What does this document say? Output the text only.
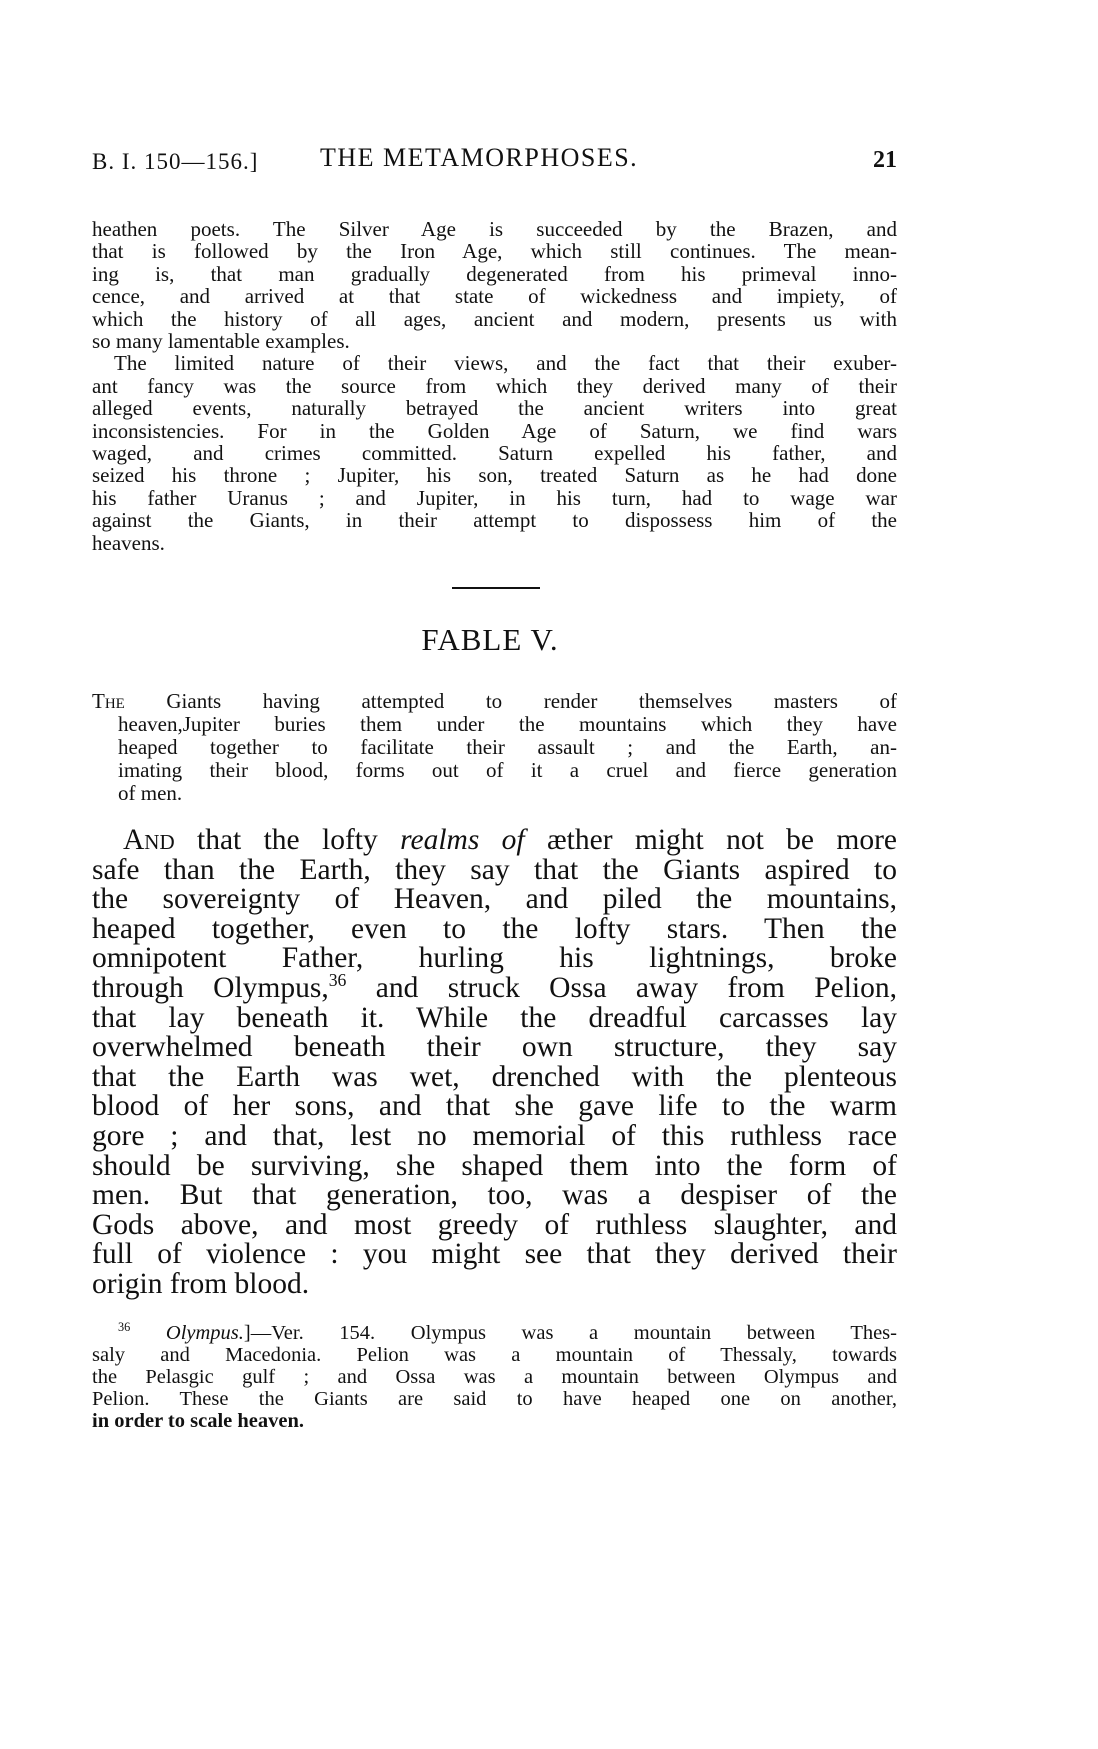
B. I. 150—156.] THE METAMORPHOSES.	21
heathen poets. The Silver Age is succeeded by the Brazen, and
that is followed by the Iron Age, which still continues. The mean-
ing is, that man gradually degenerated from his primeval inno-
cence, and arrived at that state of wickedness and impiety, of
which the history of all ages, ancient and modern, presents us with
so many lamentable examples.
The limited nature of their views, and the fact that their exuber-
ant fancy was the source from which they derived many of their
alleged events, naturally betrayed the ancient writers into great
inconsistencies. For in the Golden Age of Saturn, we find wars
waged, and crimes committed. Saturn expelled his father, and
seized his throne ; Jupiter, his son, treated Saturn as he had done
his father Uranus ; and Jupiter, in his turn, had to wage war
against the Giants, in their attempt to dispossess him of the
heavens.
FABLE V.
The Giants having attempted to render themselves masters of
heaven,Jupiter buries them under the mountains which they have
heaped together to facilitate their assault ; and the Earth, an-
imating their blood, forms out of it a cruel and fierce generation
of men.
And that the lofty realms of æther might not be more
safe than the Earth, they say that the Giants aspired to
the sovereignty of Heaven, and piled the mountains,
heaped together, even to the lofty stars. Then the
omnipotent Father, hurling his lightnings, broke
through Olympus,$^{36}$ and struck Ossa away from Pelion,
that lay beneath it. While the dreadful carcasses lay
overwhelmed beneath their own structure, they say
that the Earth was wet, drenched with the plenteous
blood of her sons, and that she gave life to the warm
gore ; and that, lest no memorial of this ruthless race
should be surviving, she shaped them into the form of
men. But that generation, too, was a despiser of the
Gods above, and most greedy of ruthless slaughter, and
full of violence : you might see that they derived their
origin from blood.
$^{36}$ Olympus.]—Ver. 154. Olympus was a mountain between Thes-
saly and Macedonia. Pelion was a mountain of Thessaly, towards
the Pelasgic gulf ; and Ossa was a mountain between Olympus and
Pelion. These the Giants are said to have heaped one on another,
in order to scale heaven.
